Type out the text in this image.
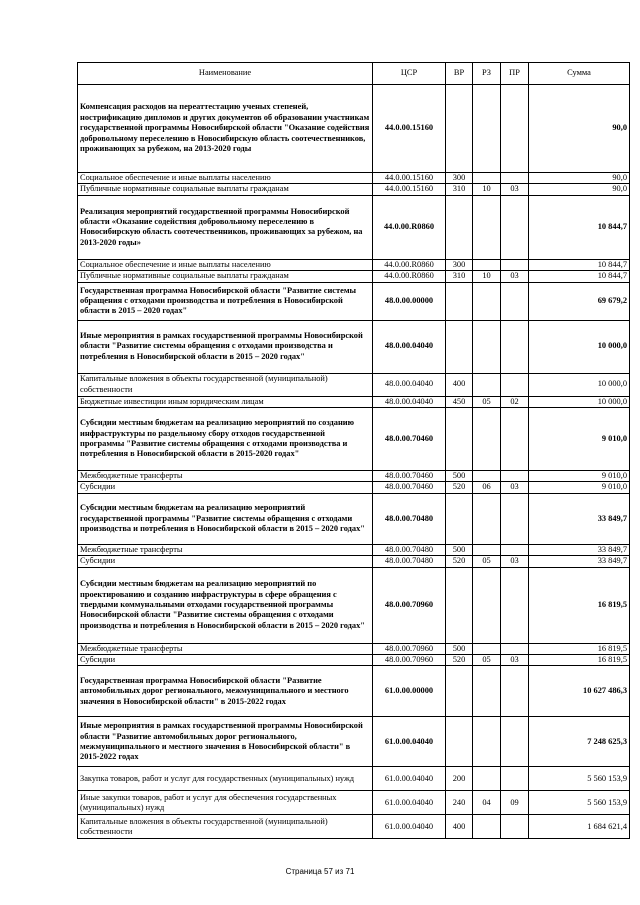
Наименование	ЦСР	ВР	РЗ	ПР	Сумма
Компенсация расходов на переаттестацию ученых степеней, нострификацию дипломов и других документов об образовании участникам государственной программы Новосибирской области "Оказание содействия добровольному переселению в Новосибирскую область соотечественников, проживающих за рубежом, на 2013-2020 годы	44.0.00.15160				90,0
Социальное обеспечение и иные выплаты населению	44.0.00.15160	300			90,0
Публичные нормативные социальные выплаты гражданам	44.0.00.15160	310	10	03	90,0
Реализация мероприятий государственной программы Новосибирской области «Оказание содействия добровольному переселению в Новосибирскую область соотечественников, проживающих за рубежом, на 2013-2020 годы»	44.0.00.R0860				10 844,7
Социальное обеспечение и иные выплаты населению	44.0.00.R0860	300			10 844,7
Публичные нормативные социальные выплаты гражданам	44.0.00.R0860	310	10	03	10 844,7
Государственная программа Новосибирской области "Развитие системы обращения с отходами производства и потребления в Новосибирской области в 2015 – 2020 годах"	48.0.00.00000				69 679,2
Иные мероприятия в рамках государственной программы Новосибирской области "Развитие системы обращения с отходами производства и потребления в Новосибирской области в 2015 – 2020 годах"	48.0.00.04040				10 000,0
Капитальные вложения в объекты государственной (муниципальной) собственности	48.0.00.04040	400			10 000,0
Бюджетные инвестиции иным юридическим лицам	48.0.00.04040	450	05	02	10 000,0
Субсидии местным бюджетам на реализацию мероприятий по созданию инфраструктуры по раздельному сбору отходов государственной программы "Развитие системы обращения с отходами производства и потребления в Новосибирской области в 2015-2020 годах"	48.0.00.70460				9 010,0
Межбюджетные трансферты	48.0.00.70460	500			9 010,0
Субсидии	48.0.00.70460	520	06	03	9 010,0
Субсидии местным бюджетам на реализацию мероприятий государственной программы "Развитие системы обращения с отходами производства и потребления в Новосибирской области в 2015 – 2020 годах"	48.0.00.70480				33 849,7
Межбюджетные трансферты	48.0.00.70480	500			33 849,7
Субсидии	48.0.00.70480	520	05	03	33 849,7
Субсидии местным бюджетам на реализацию мероприятий по проектированию и созданию инфраструктуры в сфере обращения с твердыми коммунальными отходами государственной программы Новосибирской области "Развитие системы обращения с отходами производства и потребления в Новосибирской области в 2015 – 2020 годах"	48.0.00.70960				16 819,5
Межбюджетные трансферты	48.0.00.70960	500			16 819,5
Субсидии	48.0.00.70960	520	05	03	16 819,5
Государственная программа Новосибирской области "Развитие автомобильных дорог регионального, межмуниципального и местного значения в Новосибирской области" в 2015-2022 годах	61.0.00.00000				10 627 486,3
Иные мероприятия в рамках государственной программы Новосибирской области "Развитие автомобильных дорог регионального, межмуниципального и местного значения в Новосибирской области" в 2015-2022 годах	61.0.00.04040				7 248 625,3
Закупка товаров, работ и услуг для государственных (муниципальных) нужд	61.0.00.04040	200			5 560 153,9
Иные закупки товаров, работ и услуг для обеспечения государственных (муниципальных) нужд	61.0.00.04040	240	04	09	5 560 153,9
Капитальные вложения в объекты государственной (муниципальной) собственности	61.0.00.04040	400			1 684 621,4
Страница 57 из 71
